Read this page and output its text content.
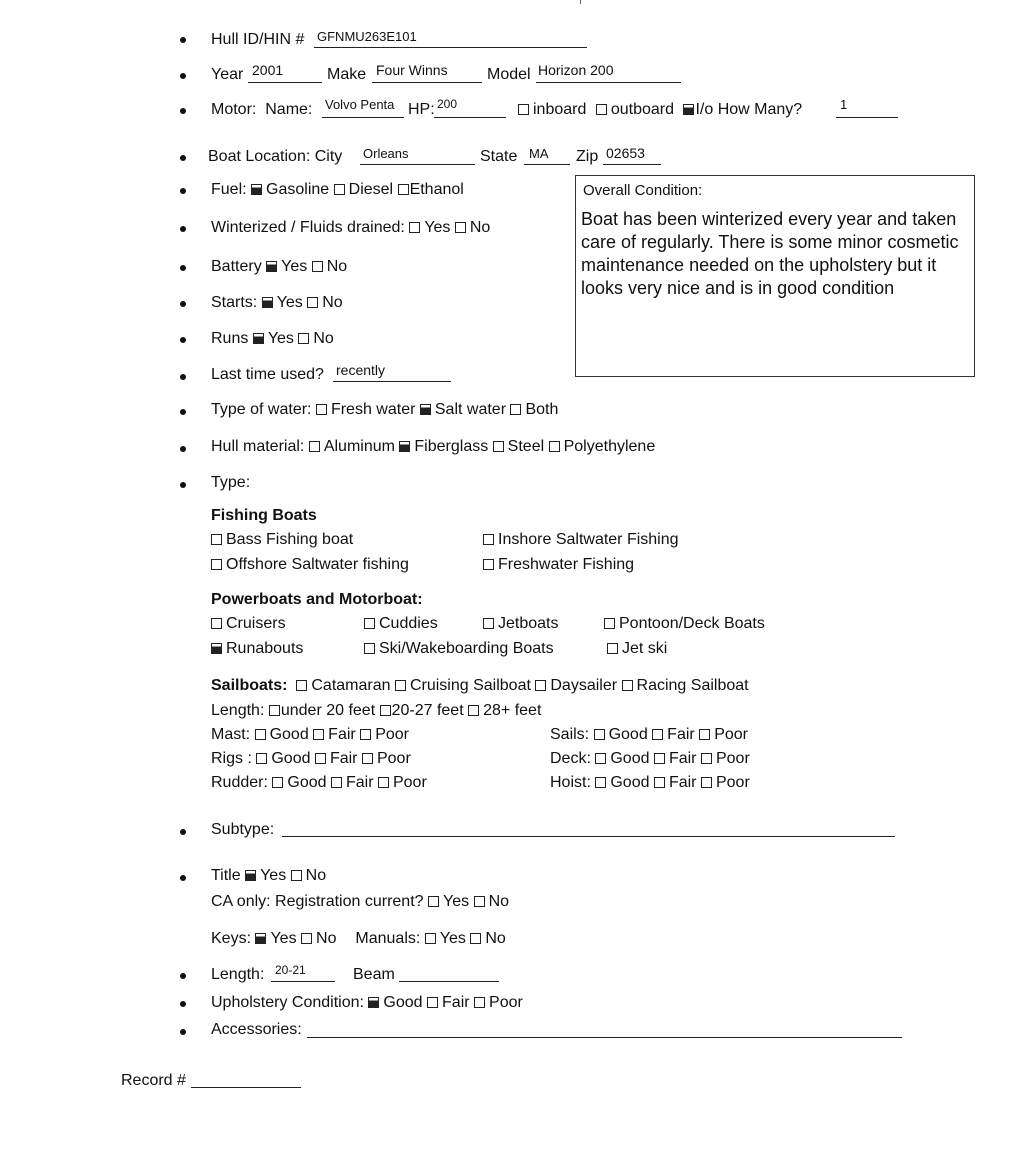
Hull ID/HIN # GFNMU263E101
Year 2001	Make Four Winns Model Horizon 200
Motor: Name: Volvo Penta HP: 200	inboard outboard I/o How Many?	1
Boat Location: City Orleans	State MA Zip 02653
Fuel: Gasoline Diesel Ethanol	Overall Condition:
Boat has been winterized every year and taken care of regularly. There is some minor cosmetic maintenance needed on the upholstery but it looks very nice and is in good condition
Winterized / Fluids drained: Yes No
Battery Yes No
Starts: Yes No
Runs Yes No
Last time used? recently
Type of water: Fresh water Salt water Both
Hull material: Aluminum Fiberglass Steel Polyethylene
Type:
Fishing Boats
Bass Fishing boat	Inshore Saltwater Fishing
Offshore Saltwater fishing	Freshwater Fishing
Powerboats and Motorboat:
Cruisers	Cuddies	Jetboats	Pontoon/Deck Boats
Runabouts	Ski/Wakeboarding Boats	Jet ski
Sailboats: Catamaran Cruising Sailboat Daysailer Racing Sailboat
Length: under 20 feet 20-27 feet 28+ feet
Mast: Good Fair Poor	Sails: Good Fair Poor
Rigs : Good Fair Poor	Deck: Good Fair Poor
Rudder: Good Fair Poor	Hoist: Good Fair Poor
Subtype:
Title Yes No
CA only: Registration current? Yes No
Keys: Yes No Manuals: Yes No
Length: 20-21	Beam
Upholstery Condition: Good Fair Poor
Accessories:
Record #
